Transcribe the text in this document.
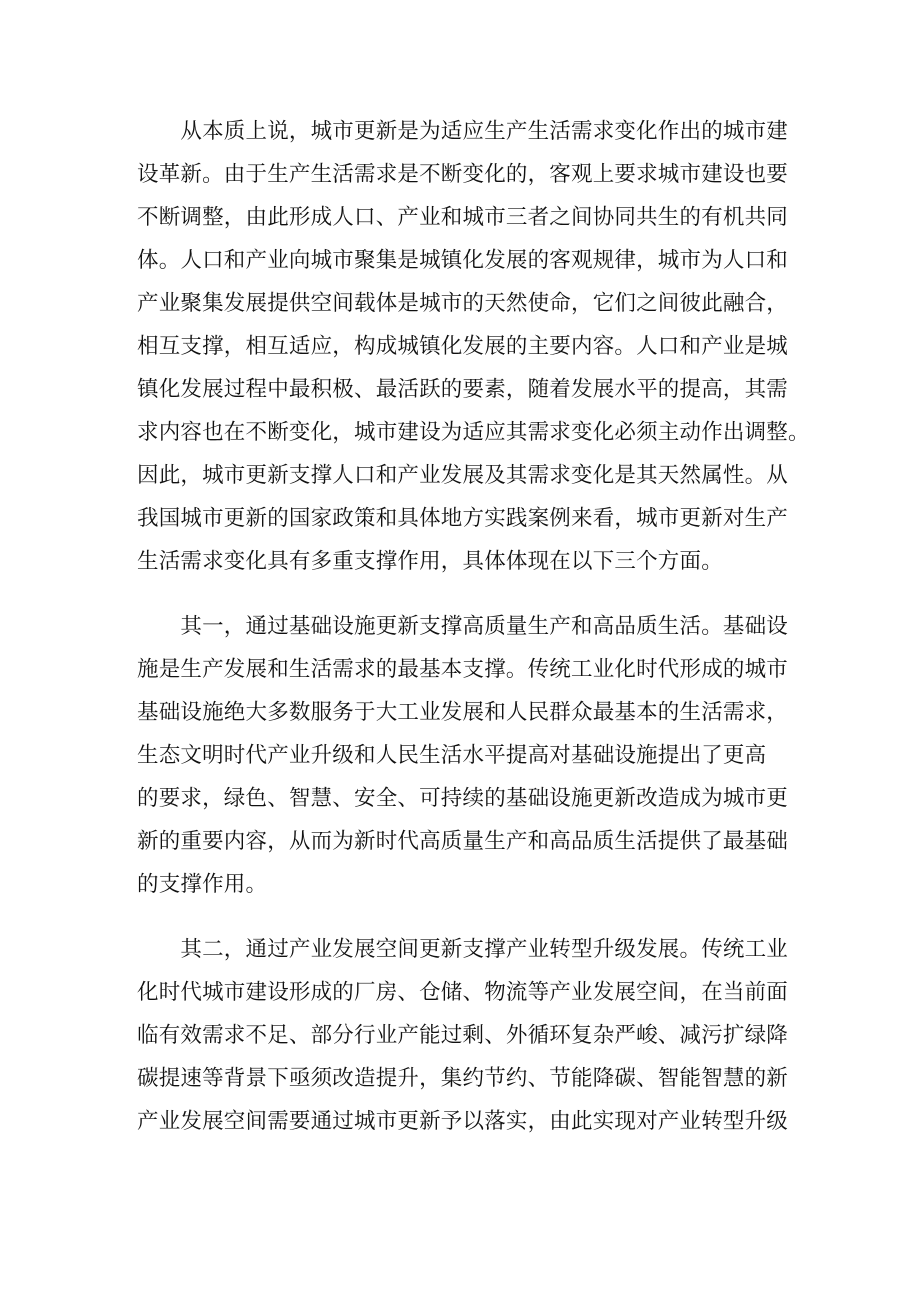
　　从本质上说，城市更新是为适应生产生活需求变化作出的城市建
设革新。由于生产生活需求是不断变化的，客观上要求城市建设也要
不断调整，由此形成人口、产业和城市三者之间协同共生的有机共同
体。人口和产业向城市聚集是城镇化发展的客观规律，城市为人口和
产业聚集发展提供空间载体是城市的天然使命，它们之间彼此融合，
相互支撑，相互适应，构成城镇化发展的主要内容。人口和产业是城
镇化发展过程中最积极、最活跃的要素，随着发展水平的提高，其需
求内容也在不断变化，城市建设为适应其需求变化必须主动作出调整。
因此，城市更新支撑人口和产业发展及其需求变化是其天然属性。从
我国城市更新的国家政策和具体地方实践案例来看，城市更新对生产
生活需求变化具有多重支撑作用，具体体现在以下三个方面。
　　其一，通过基础设施更新支撑高质量生产和高品质生活。基础设
施是生产发展和生活需求的最基本支撑。传统工业化时代形成的城市
基础设施绝大多数服务于大工业发展和人民群众最基本的生活需求，
生态文明时代产业升级和人民生活水平提高对基础设施提出了更高
的要求，绿色、智慧、安全、可持续的基础设施更新改造成为城市更
新的重要内容，从而为新时代高质量生产和高品质生活提供了最基础
的支撑作用。
　　其二，通过产业发展空间更新支撑产业转型升级发展。传统工业
化时代城市建设形成的厂房、仓储、物流等产业发展空间，在当前面
临有效需求不足、部分行业产能过剩、外循环复杂严峻、减污扩绿降
碳提速等背景下亟须改造提升，集约节约、节能降碳、智能智慧的新
产业发展空间需要通过城市更新予以落实，由此实现对产业转型升级
